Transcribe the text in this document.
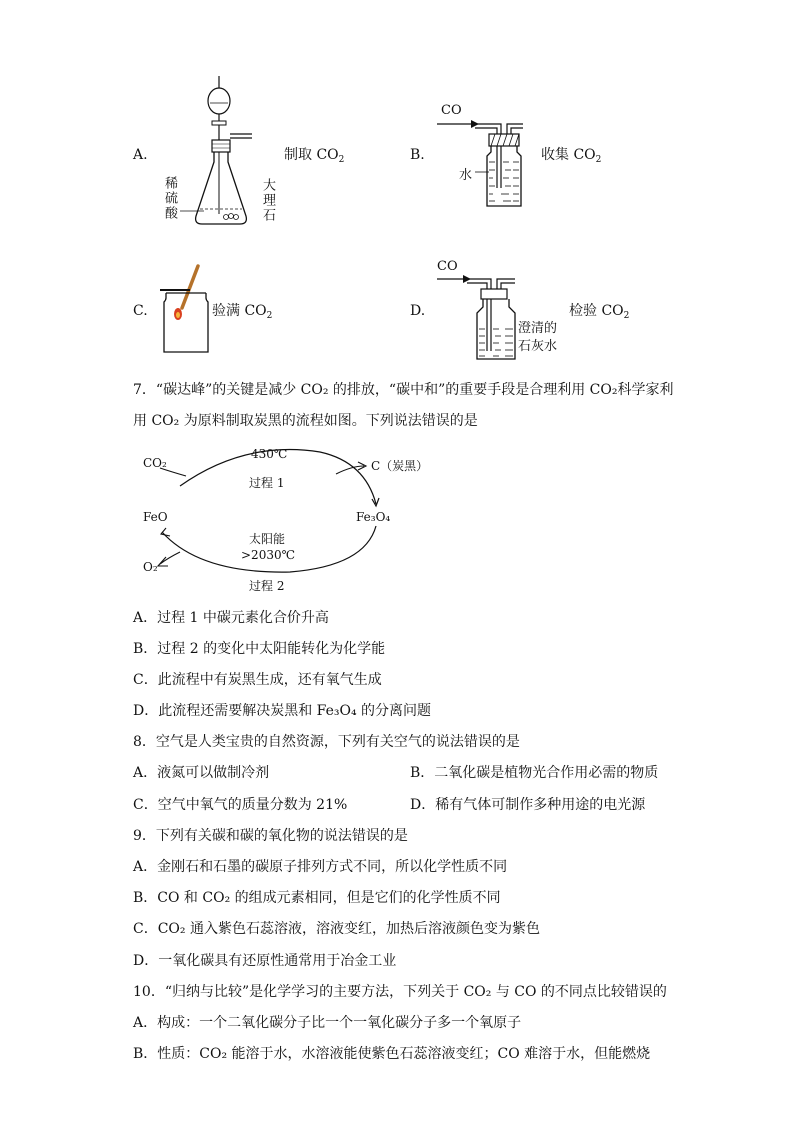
A.
稀硫酸	大理石
制取 $CO_2$	B.
CO
水
收集 $CO_2$
C.	验满 $CO_2$	D.
CO
澄清的
石灰水
检验 $CO_2$
7．“碳达峰”的关键是减少 CO₂ 的排放，“碳中和”的重要手段是合理利用 CO₂科学家利
用 CO₂ 为原料制取炭黑的流程如图。下列说法错误的是
CO₂
430℃
过程 1
C（炭黑）
FeO	Fe₃O₄
太阳能
>2030℃
O₂
过程 2
A．过程 1 中碳元素化合价升高
B．过程 2 的变化中太阳能转化为化学能
C．此流程中有炭黑生成，还有氧气生成
D．此流程还需要解决炭黑和 Fe₃O₄ 的分离问题
8．空气是人类宝贵的自然资源，下列有关空气的说法错误的是
A．液氮可以做制冷剂	B．二氧化碳是植物光合作用必需的物质
C．空气中氧气的质量分数为 21%	D．稀有气体可制作多种用途的电光源
9．下列有关碳和碳的氧化物的说法错误的是
A．金刚石和石墨的碳原子排列方式不同，所以化学性质不同
B．CO 和 CO₂ 的组成元素相同，但是它们的化学性质不同
C．CO₂ 通入紫色石蕊溶液，溶液变红，加热后溶液颜色变为紫色
D．一氧化碳具有还原性通常用于冶金工业
10．“归纳与比较”是化学学习的主要方法，下列关于 CO₂ 与 CO 的不同点比较错误的
A．构成：一个二氧化碳分子比一个一氧化碳分子多一个氧原子
B．性质：CO₂ 能溶于水，水溶液能使紫色石蕊溶液变红；CO 难溶于水，但能燃烧
